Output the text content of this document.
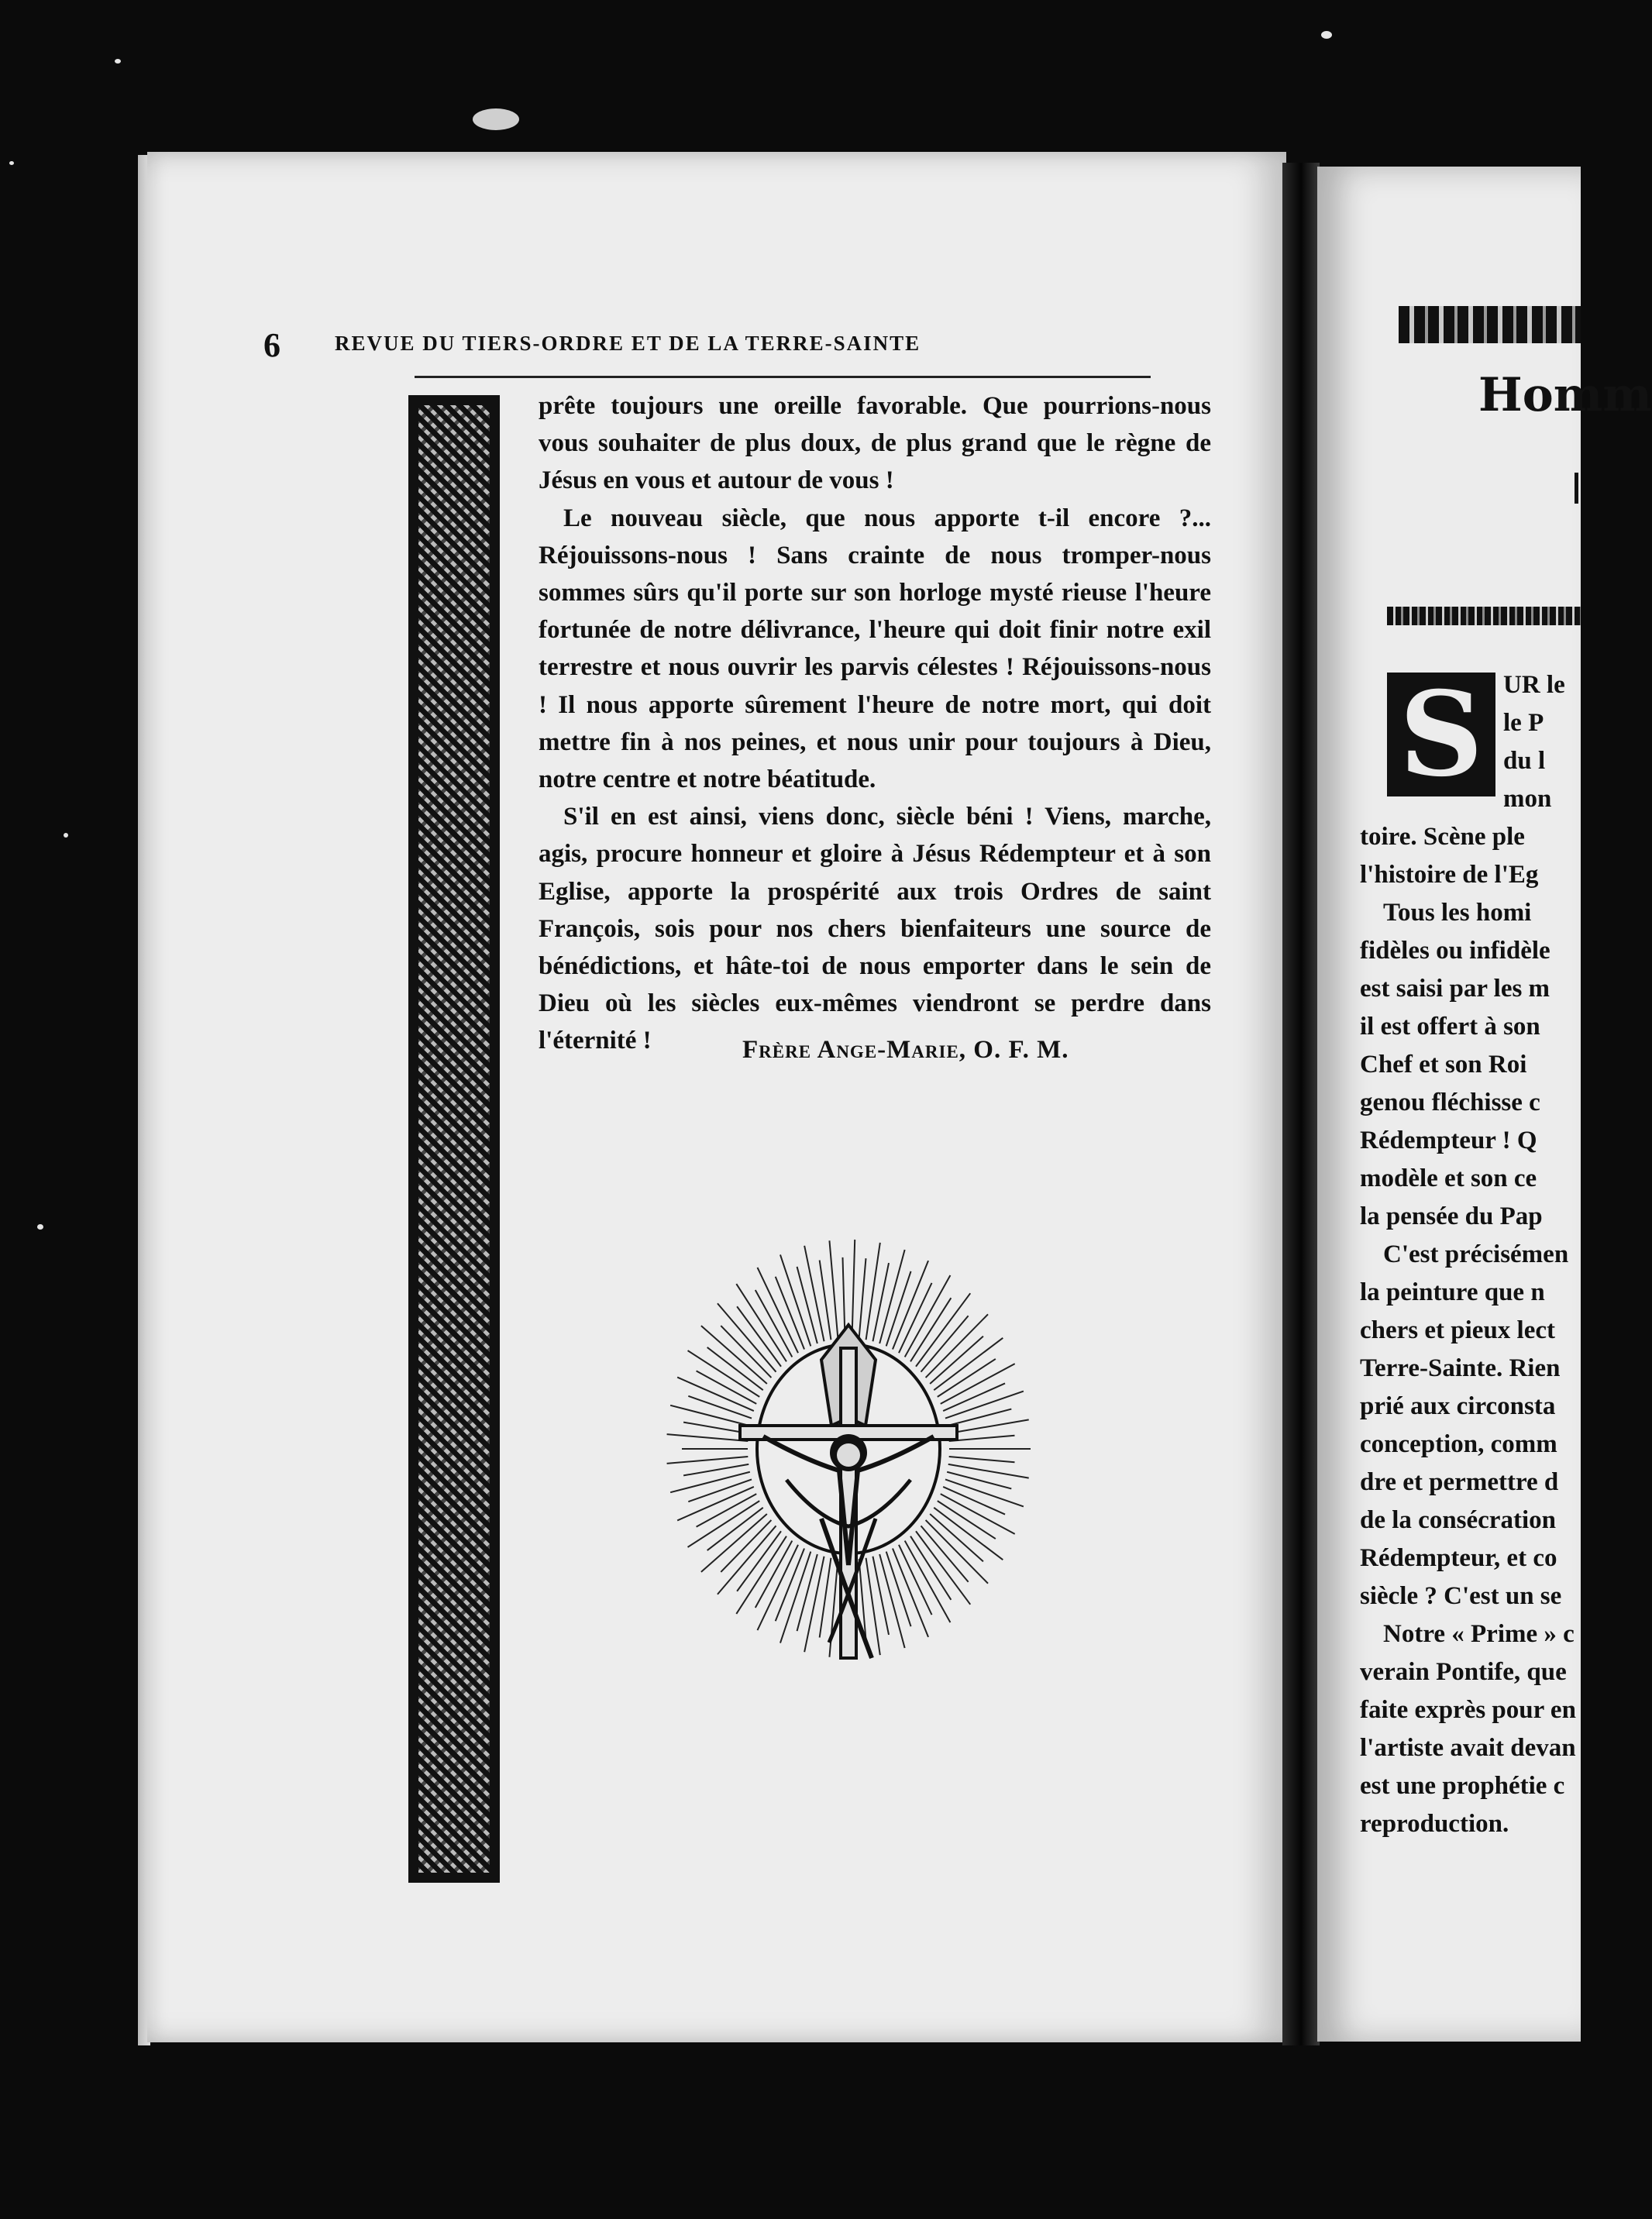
6	REVUE DU TIERS-ORDRE ET DE LA TERRE-SAINTE

prête toujours une oreille favorable. Que pourrions-nous vous souhaiter de plus doux, de plus grand que le règne de Jésus en vous et autour de vous !

Le nouveau siècle, que nous apporte t-il encore ?... Réjouissons-nous ! Sans crainte de nous tromper-nous sommes sûrs qu'il porte sur son horloge mysté rieuse l'heure fortunée de notre délivrance, l'heure qui doit finir notre exil terrestre et nous ouvrir les parvis célestes ! Réjouissons-nous ! Il nous apporte sûrement l'heure de notre mort, qui doit mettre fin à nos peines, et nous unir pour toujours à Dieu, notre centre et notre béatitude.

S'il en est ainsi, viens donc, siècle béni ! Viens, marche, agis, procure honneur et gloire à Jésus Rédempteur et à son Eglise, apporte la prospérité aux trois Ordres de saint François, sois pour nos chers bienfaiteurs une source de bénédictions, et hâte-toi de nous emporter dans le sein de Dieu où les siècles eux-mêmes viendront se perdre dans l'éternité !	Frère Ange-Marie, O. F. M.
Homm
UR le
le P
du l
mon
toire. Scène ple
l'histoire de l'Eg
Tous les homi
fidèles ou infidèle
est saisi par les m
il est offert à son
Chef et son Roi
genou fléchisse c
Rédempteur ! Q
modèle et son ce
la pensée du Pap
C'est précisémen
la peinture que n
chers et pieux lect
Terre-Sainte. Rien
prié aux circonsta
conception, comm
dre et permettre d
de la consécration
Rédempteur, et co
siècle ? C'est un se
Notre « Prime » c
verain Pontife, que
faite exprès pour en
l'artiste avait devan
est une prophétie c
reproduction.
S
